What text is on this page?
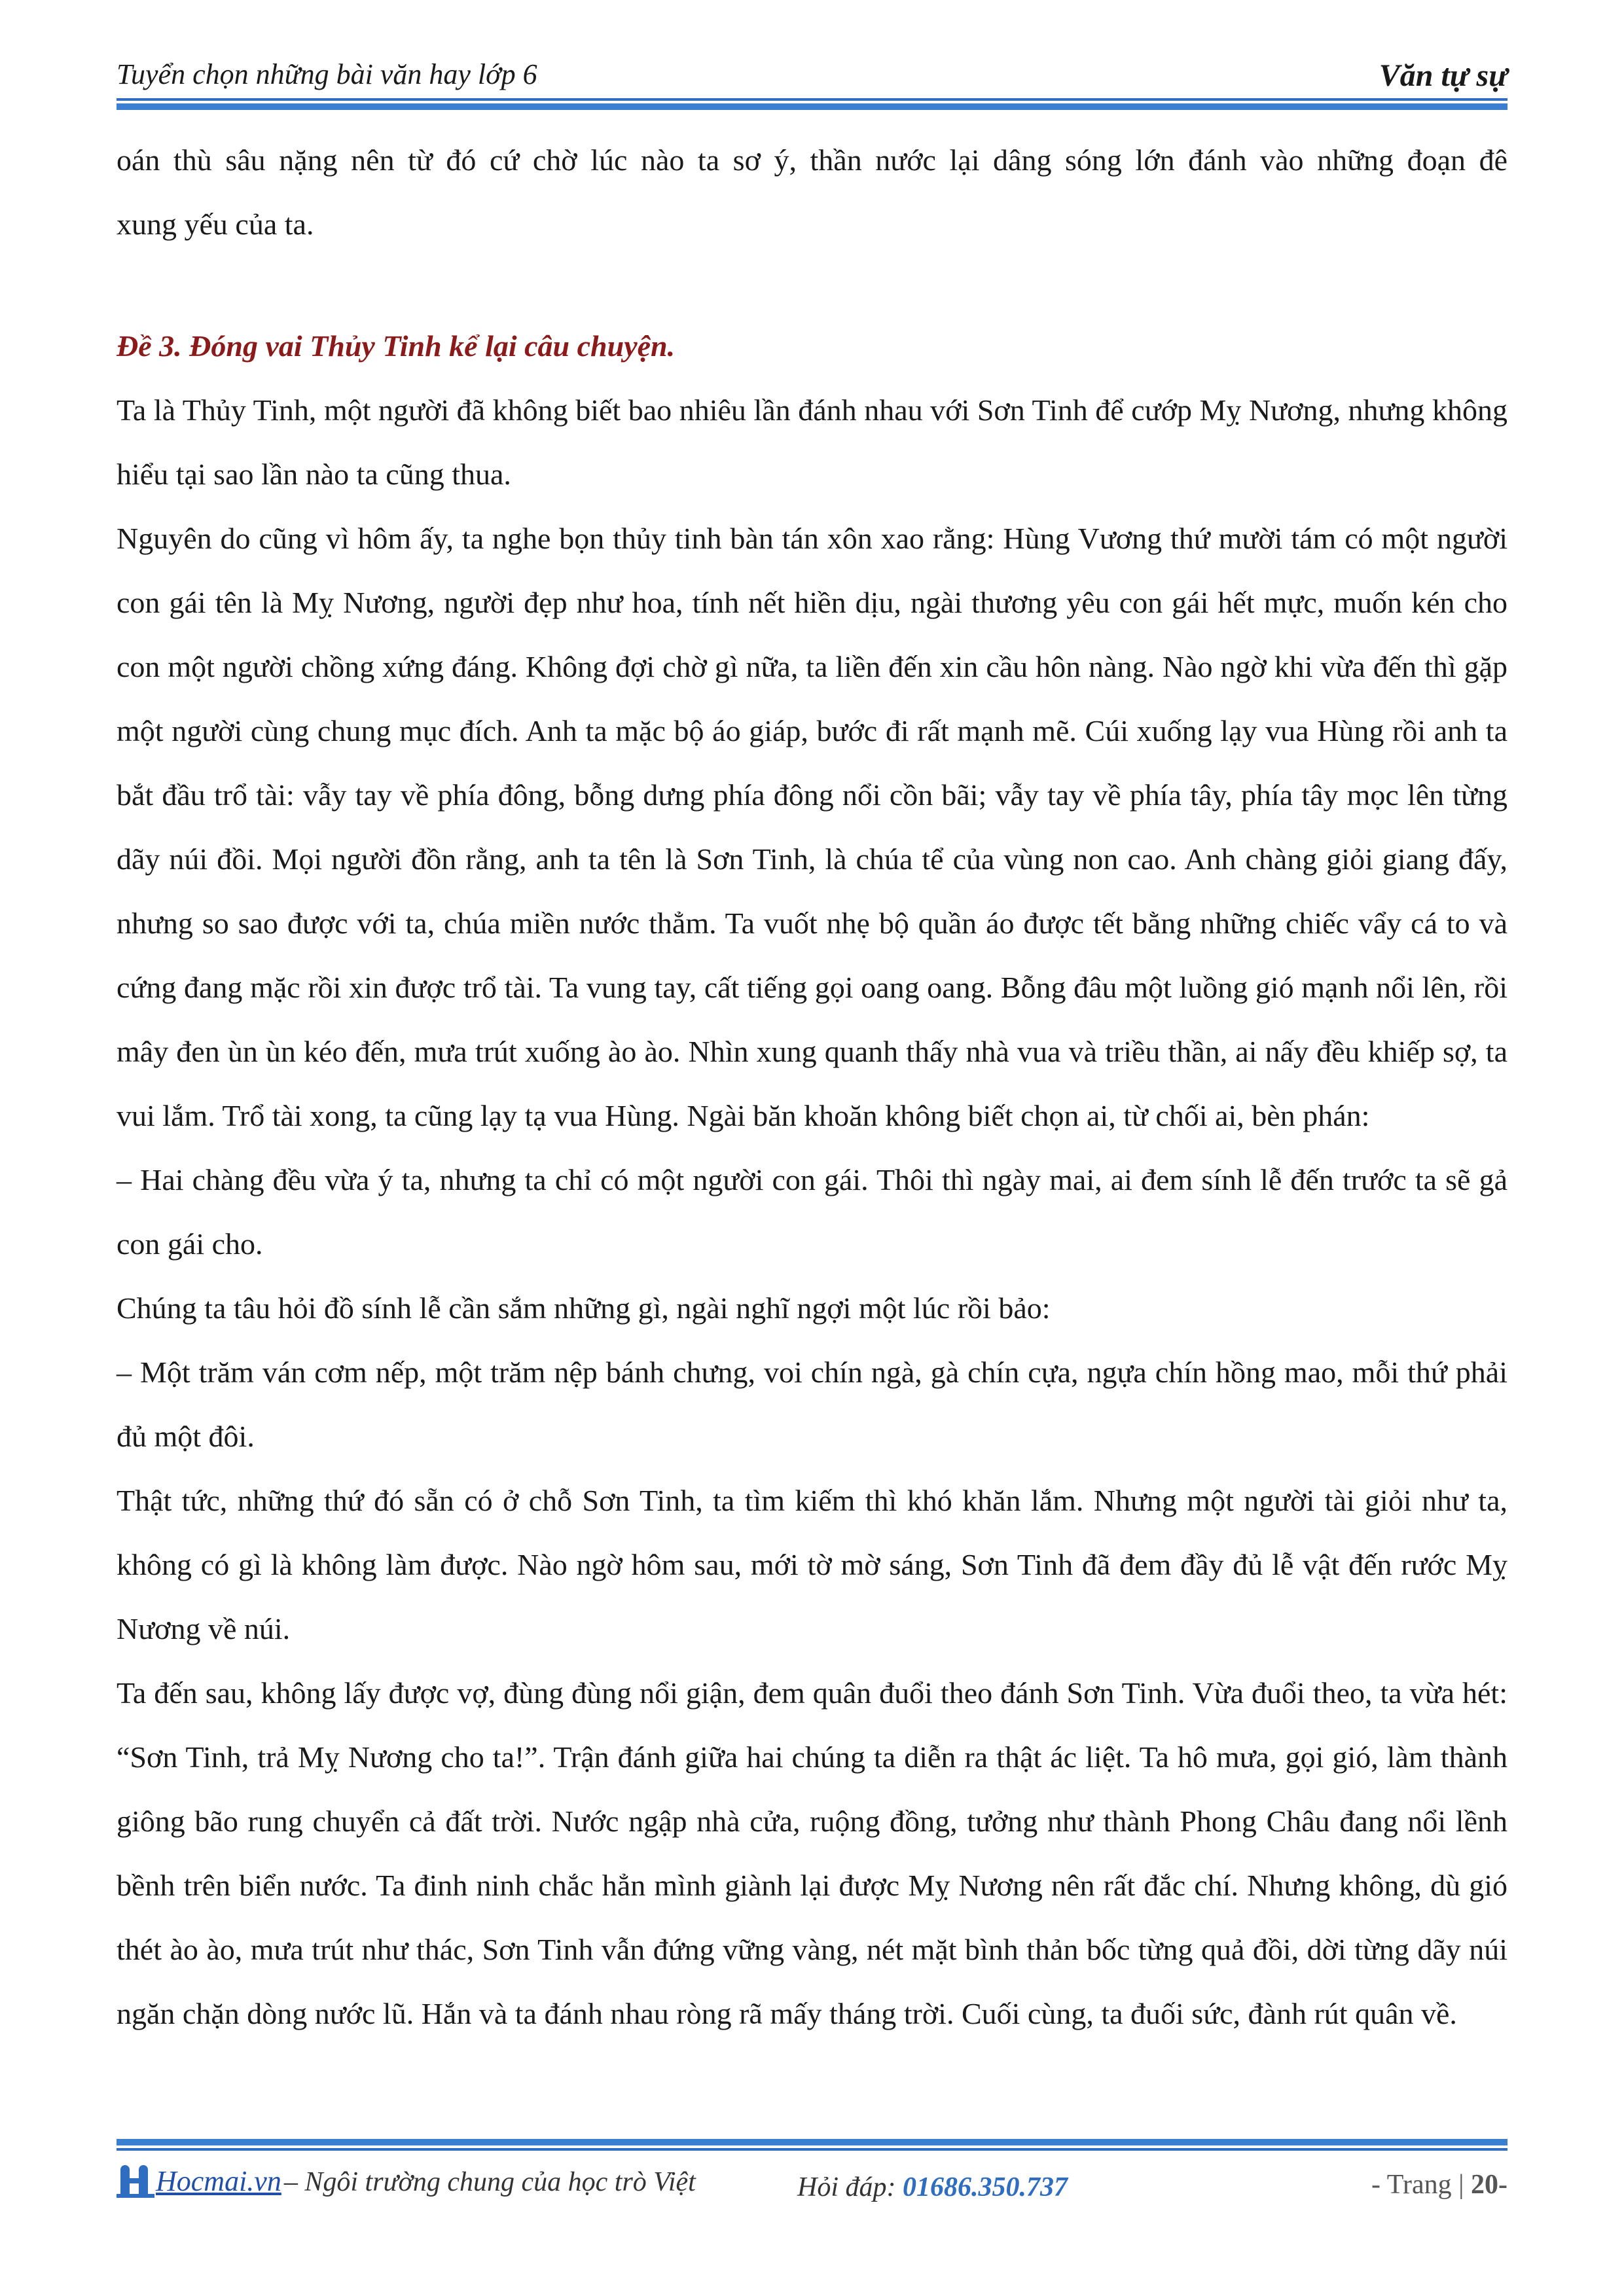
Tuyển chọn những bài văn hay lớp 6	Văn tự sự

oán thù sâu nặng nên từ đó cứ chờ lúc nào ta sơ ý, thần nước lại dâng sóng lớn đánh vào những đoạn đê

xung yếu của ta.

Đề 3. Đóng vai Thủy Tinh kể lại câu chuyện.

Ta là Thủy Tinh, một người đã không biết bao nhiêu lần đánh nhau với Sơn Tinh để cướp Mỵ Nương, nhưng không hiểu tại sao lần nào ta cũng thua.

Nguyên do cũng vì hôm ấy, ta nghe bọn thủy tinh bàn tán xôn xao rằng: Hùng Vương thứ mười tám có một người con gái tên là Mỵ Nương, người đẹp như hoa, tính nết hiền dịu, ngài thương yêu con gái hết mực, muốn kén cho con một người chồng xứng đáng. Không đợi chờ gì nữa, ta liền đến xin cầu hôn nàng. Nào ngờ khi vừa đến thì gặp một người cùng chung mục đích. Anh ta mặc bộ áo giáp, bước đi rất mạnh mẽ. Cúi xuống lạy vua Hùng rồi anh ta bắt đầu trổ tài: vẫy tay về phía đông, bỗng dưng phía đông nổi cồn bãi; vẫy tay về phía tây, phía tây mọc lên từng dãy núi đồi. Mọi người đồn rằng, anh ta tên là Sơn Tinh, là chúa tể của vùng non cao. Anh chàng giỏi giang đấy, nhưng so sao được với ta, chúa miền nước thẳm. Ta vuốt nhẹ bộ quần áo được tết bằng những chiếc vẩy cá to và cứng đang mặc rồi xin được trổ tài. Ta vung tay, cất tiếng gọi oang oang. Bỗng đâu một luồng gió mạnh nổi lên, rồi mây đen ùn ùn kéo đến, mưa trút xuống ào ào. Nhìn xung quanh thấy nhà vua và triều thần, ai nấy đều khiếp sợ, ta vui lắm. Trổ tài xong, ta cũng lạy tạ vua Hùng. Ngài băn khoăn không biết chọn ai, từ chối ai, bèn phán:

– Hai chàng đều vừa ý ta, nhưng ta chỉ có một người con gái. Thôi thì ngày mai, ai đem sính lễ đến trước ta sẽ gả con gái cho.

Chúng ta tâu hỏi đồ sính lễ cần sắm những gì, ngài nghĩ ngợi một lúc rồi bảo:

– Một trăm ván cơm nếp, một trăm nệp bánh chưng, voi chín ngà, gà chín cựa, ngựa chín hồng mao, mỗi thứ phải đủ một đôi.

Thật tức, những thứ đó sẵn có ở chỗ Sơn Tinh, ta tìm kiếm thì khó khăn lắm. Nhưng một người tài giỏi như ta, không có gì là không làm được. Nào ngờ hôm sau, mới tờ mờ sáng, Sơn Tinh đã đem đầy đủ lễ vật đến rước Mỵ Nương về núi.

Ta đến sau, không lấy được vợ, đùng đùng nổi giận, đem quân đuổi theo đánh Sơn Tinh. Vừa đuổi theo, ta vừa hét: “Sơn Tinh, trả Mỵ Nương cho ta!”. Trận đánh giữa hai chúng ta diễn ra thật ác liệt. Ta hô mưa, gọi gió, làm thành giông bão rung chuyển cả đất trời. Nước ngập nhà cửa, ruộng đồng, tưởng như thành Phong Châu đang nổi lềnh bềnh trên biển nước. Ta đinh ninh chắc hẳn mình giành lại được Mỵ Nương nên rất đắc chí. Nhưng không, dù gió thét ào ào, mưa trút như thác, Sơn Tinh vẫn đứng vững vàng, nét mặt bình thản bốc từng quả đồi, dời từng dãy núi ngăn chặn dòng nước lũ. Hắn và ta đánh nhau ròng rã mấy tháng trời. Cuối cùng, ta đuối sức, đành rút quân về.

Hocmai.vn – Ngôi trường chung của học trò Việt	Hỏi đáp: 01686.350.737	- Trang | 20-
